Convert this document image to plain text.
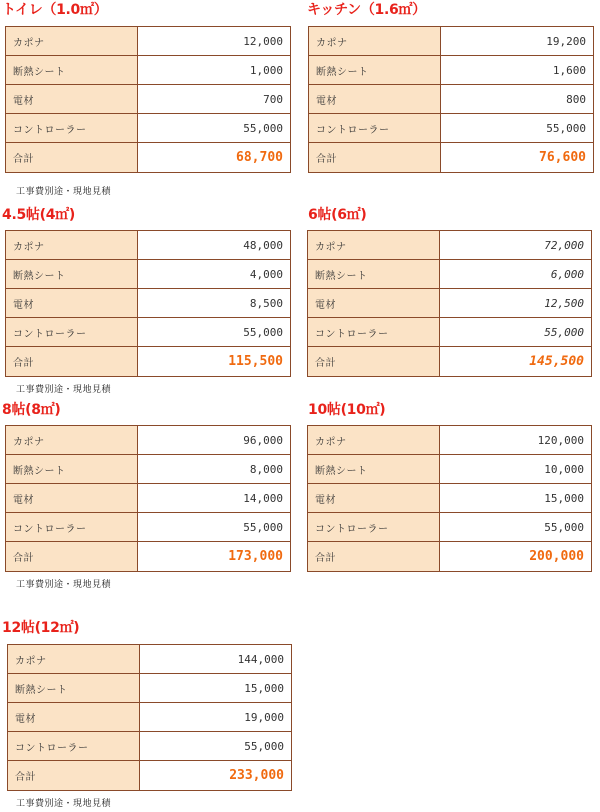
トイレ（1.0㎡）
カポナ	12,000
断熱シート	1,000
電材	700
コントローラー	55,000
合計	68,700
工事費別途・現地見積
キッチン（1.6㎡）
カポナ	19,200
断熱シート	1,600
電材	800
コントローラー	55,000
合計	76,600
4.5帖(4㎡)
カポナ	48,000
断熱シート	4,000
電材	8,500
コントローラー	55,000
合計	115,500
工事費別途・現地見積
6帖(6㎡)
カポナ	72,000
断熱シート	6,000
電材	12,500
コントローラー	55,000
合計	145,500
8帖(8㎡)
カポナ	96,000
断熱シート	8,000
電材	14,000
コントローラー	55,000
合計	173,000
工事費別途・現地見積
10帖(10㎡)
カポナ	120,000
断熱シート	10,000
電材	15,000
コントローラー	55,000
合計	200,000
12帖(12㎡)
カポナ	144,000
断熱シート	15,000
電材	19,000
コントローラー	55,000
合計	233,000
工事費別途・現地見積
